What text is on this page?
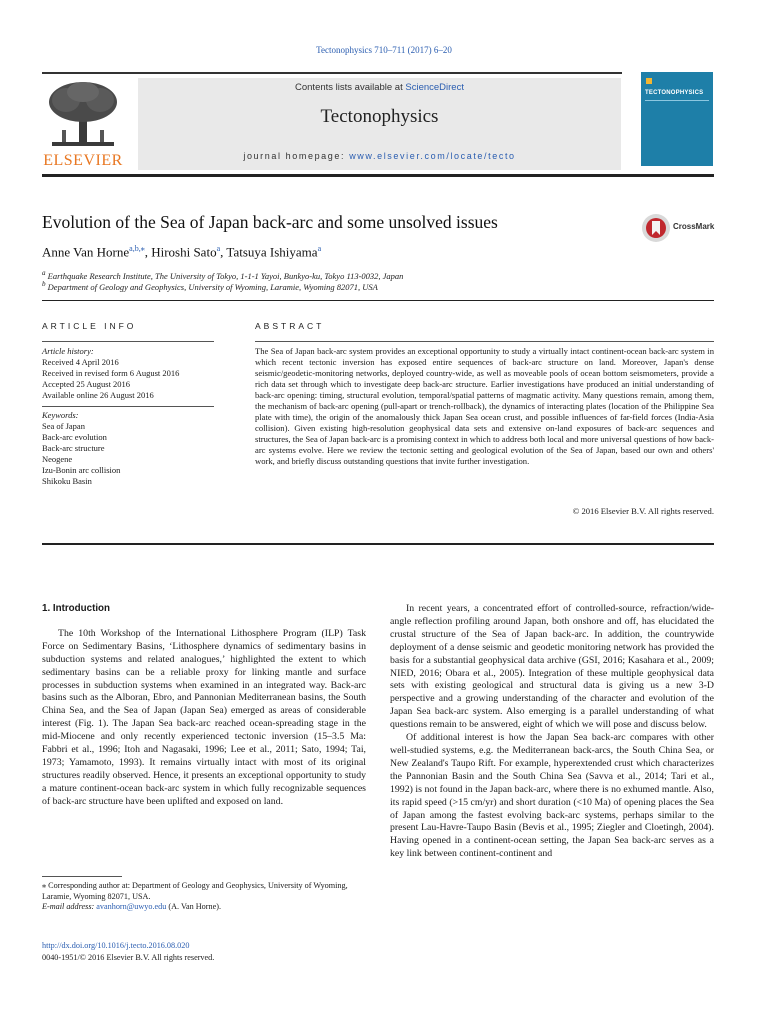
Tectonophysics 710–711 (2017) 6–20
ELSEVIER
Contents lists available at ScienceDirect
Tectonophysics
journal homepage: www.elsevier.com/locate/tecto
TECTONOPHYSICS
Evolution of the Sea of Japan back-arc and some unsolved issues	CrossMark
Anne Van Horne$^{a,b,⁎}$, Hiroshi Sato$^a$, Tatsuya Ishiyama$^a$
$^a$ Earthquake Research Institute, The University of Tokyo, 1-1-1 Yayoi, Bunkyo-ku, Tokyo 113-0032, Japan
$^b$ Department of Geology and Geophysics, University of Wyoming, Laramie, Wyoming 82071, USA
ARTICLE INFO	ABSTRACT
Article history:
Received 4 April 2016
Received in revised form 6 August 2016
Accepted 25 August 2016
Available online 26 August 2016
Keywords:
Sea of Japan
Back-arc evolution
Back-arc structure
Neogene
Izu-Bonin arc collision
Shikoku Basin
The Sea of Japan back-arc system provides an exceptional opportunity to study a virtually intact continent-ocean back-arc system in which recent tectonic inversion has exposed entire sequences of back-arc structure on land. Moreover, Japan's dense seismic/geodetic-monitoring networks, deployed country-wide, as well as moveable pools of ocean bottom seismometers, provide a rich data set through which to investigate deep back-arc structure. Earlier investigations have produced an initial understanding of back-arc opening: timing, structural evolution, temporal/spatial patterns of magmatic activity. Many questions remain, among them, the mechanism of back-arc opening (pull-apart or trench-rollback), the dynamics of interacting plates (location of the Philippine Sea plate with time), the origin of the anomalously thick Japan Sea ocean crust, and possible influences of far-field forces (India-Asia collision). Given existing high-resolution geophysical data sets and extensive on-land exposures of back-arc sequences and structures, the Sea of Japan back-arc is a promising context in which to address both local and more universal questions of how back-arc systems evolve. Here we review the tectonic setting and geological evolution of the Sea of Japan, based our own and others' work, and briefly discuss outstanding questions that invite further investigation.
© 2016 Elsevier B.V. All rights reserved.
1. Introduction

The 10th Workshop of the International Lithosphere Program (ILP) Task Force on Sedimentary Basins, ‘Lithosphere dynamics of sedimentary basins in subduction systems and related analogues,’ highlighted the extent to which sedimentary basins can be a reliable proxy for linking mantle and surface processes in subduction systems when examined in an integrated way. Back-arc basins such as the Alboran, Ebro, and Pannonian Mediterranean basins, the South China Sea, and the Sea of Japan (Japan Sea) emerged as areas of considerable interest (Fig. 1). The Japan Sea back-arc reached ocean-spreading stage in the mid-Miocene and only recently experienced tectonic inversion (15–3.5 Ma: Fabbri et al., 1996; Itoh and Nagasaki, 1996; Lee et al., 2011; Sato, 1994; Tai, 1973; Yamamoto, 1993). It remains virtually intact with most of its original structures readily observed. Hence, it presents an exceptional opportunity to study a mature continent-ocean back-arc system in which fully recognizable sequences of back-arc structure have been uplifted and exposed on land.

In recent years, a concentrated effort of controlled-source, refraction/wide-angle reflection profiling around Japan, both onshore and off, has elucidated the crustal structure of the Sea of Japan back-arc. In addition, the countrywide deployment of a dense seismic and geodetic monitoring network has provided the basis for a substantial geophysical data archive (GSI, 2016; Kasahara et al., 2009; NIED, 2016; Obara et al., 2005). Integration of these multiple geophysical data sets with existing geological and structural data is giving us a new 3-D perspective and a growing understanding of the character and evolution of the Japan Sea back-arc system. Also emerging is a parallel understanding of what questions remain to be answered, eight of which we will pose and discuss below.

Of additional interest is how the Japan Sea back-arc compares with other well-studied systems, e.g. the Mediterranean back-arcs, the South China Sea, or New Zealand's Taupo Rift. For example, hyperextended crust which characterizes the Pannonian Basin and the South China Sea (Savva et al., 2014; Tari et al., 1992) is not found in the Japan back-arc, where there is no exhumed mantle. Also, its rapid speed (>15 cm/yr) and short duration (<10 Ma) of opening places the Sea of Japan among the fastest evolving back-arc systems, perhaps similar to the present Lau-Havre-Taupo Basin (Bevis et al., 1995; Ziegler and Cloetingh, 2004). Having opened in a continent-ocean setting, the Japan Sea back-arc serves as a key link between continent-continent and

⁎ Corresponding author at: Department of Geology and Geophysics, University of Wyoming, Laramie, Wyoming 82071, USA.
E-mail address: avanhorn@uwyo.edu (A. Van Horne).
http://dx.doi.org/10.1016/j.tecto.2016.08.020
0040-1951/© 2016 Elsevier B.V. All rights reserved.
